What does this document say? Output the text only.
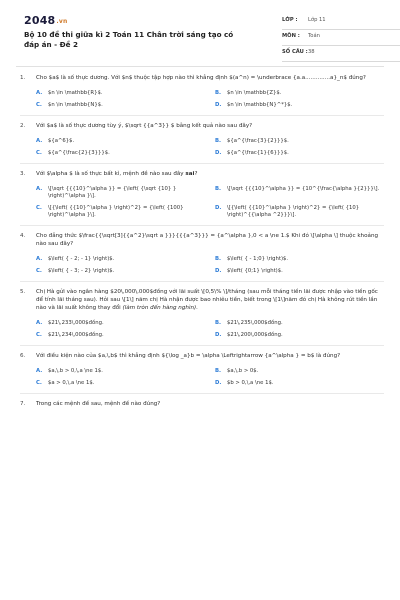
2048.vn
Bộ 10 đề thi giữa kì 2 Toán 11 Chân trời sáng tạo có đáp án - Đề 2
LỚP : Lớp 11
MÔN : Toán
SỐ CÂU : 38
1.	Cho $a$ là số thực dương. Với $n$ thuộc tập hợp nào thì khẳng định $(a^n) = \underbrace {a.a..............a}_n$ đúng?
A.	$n \in \mathbb{R}$.	B.	$n \in \mathbb{Z}$.
C.	$n \in \mathbb{N}$.	D.	$n \in \mathbb{N}^*}$.
2.	Với $a$ là số thực dương tùy ý, $\sqrt {{a^3}} $ bằng kết quả nào sau đây?
A.	${a^6}$.	B.	${a^{\frac{3}{2}}}$.
C.	${a^{\frac{2}{3}}}$.	D.	${a^{\frac{1}{6}}}$.
3.	Với $\alpha $ là số thực bất kì, mệnh đề nào sau đây sai?
A.	\[\sqrt {{{10}^\alpha }} = {\left( {\sqrt {10} } \right)^\alpha }\].
B.	\[\sqrt {{{10}^\alpha }} = {10^{\frac{\alpha }{2}}}\].
C.	\[{\left( {{10}^\alpha } \right)^2} = {\left( {100} \right)^\alpha }\].
D.	\[{\left( {{10}^\alpha } \right)^2} = {\left( {10} \right)^{{\alpha ^2}}}\].
4.	Cho đẳng thức $\frac{{\sqrt[3]{{a^2}\sqrt a }}}{{{a^3}}} = {a^\alpha },0 < a \ne 1.$ Khi đó \[\alpha \] thuộc khoảng nào sau đây?
A.	$\left( { - 2; - 1} \right)$.	B.	$\left( { - 1;0} \right)$.
C.	$\left( { - 3; - 2} \right)$.	D.	$\left( {0;1} \right)$.
5.	Chị Hà gửi vào ngân hàng $20\,000\,000$đồng với lãi suất \[0,5\% \]/tháng (sau mỗi tháng tiền lãi được nhập vào tiền gốc để tính lãi tháng sau). Hỏi sau \[1\] năm chị Hà nhận được bao nhiêu tiền, biết trong \[1\]năm đó chị Hà không rút tiền lần nào và lãi suất không thay đổi (làm tròn đến hàng nghìn).
A.	$21\,233\,000$đồng.	B.	$21\,235\,000$đồng.
C.	$21\,234\,000$đồng.	D.	$21\,200\,000$đồng.
6.	Với điều kiện nào của $a,\,b$ thì khẳng định ${\log _a}b = \alpha \Leftrightarrow {a^\alpha } = b$ là đúng?
A.	$a,\,b > 0,\,a \ne 1$.	B.	$a,\,b > 0$.
C.	$a > 0,\,a \ne 1$.	D.	$b > 0,\,a \ne 1$.
7.	Trong các mệnh đề sau, mệnh đề nào đúng?
